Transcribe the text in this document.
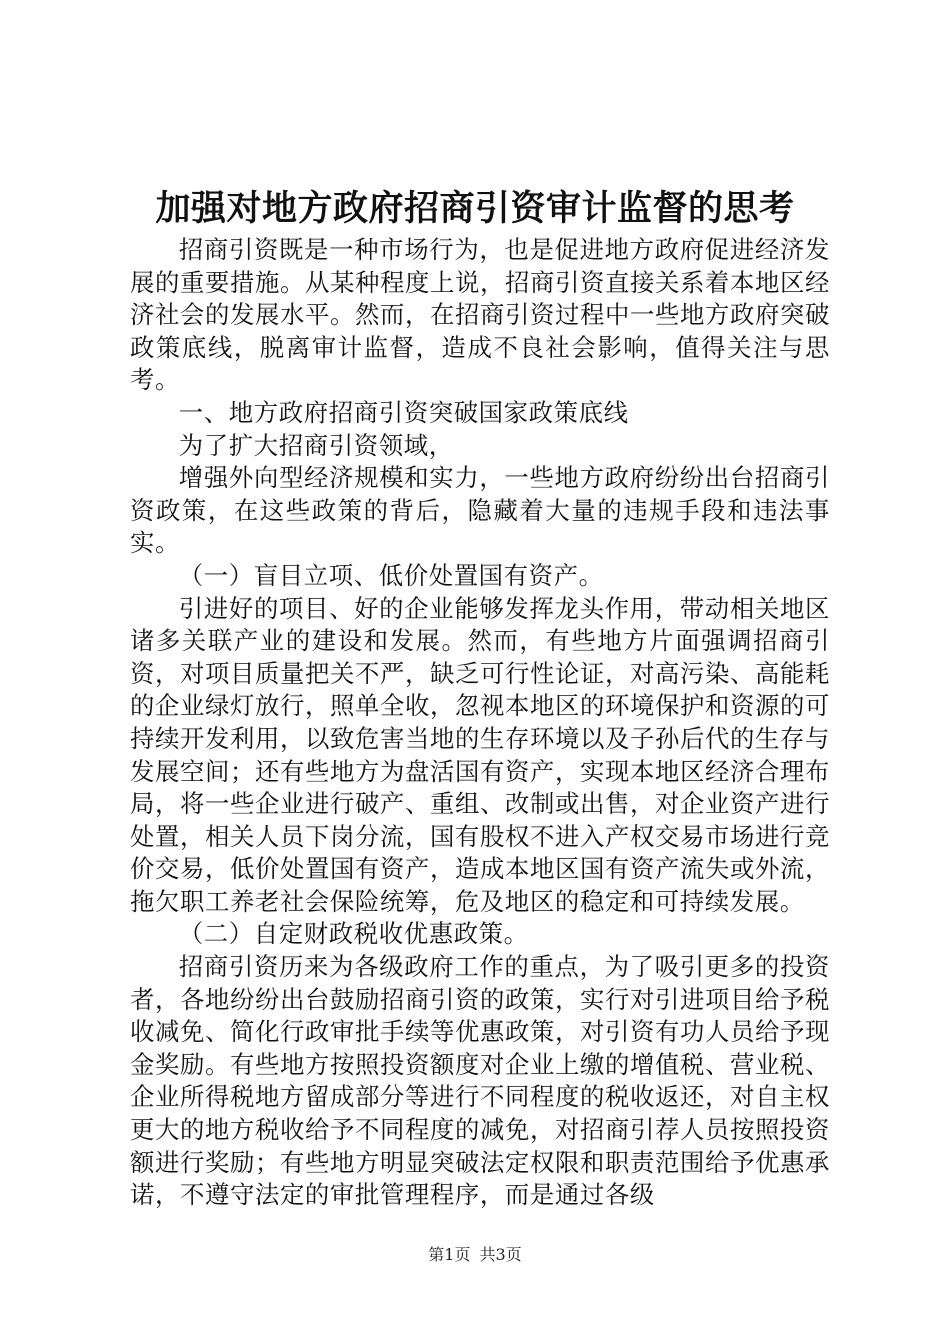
加强对地方政府招商引资审计监督的思考

招商引资既是一种市场行为，也是促进地方政府促进经济发展的重要措施。从某种程度上说，招商引资直接关系着本地区经济社会的发展水平。然而，在招商引资过程中一些地方政府突破政策底线，脱离审计监督，造成不良社会影响，值得关注与思考。

一、地方政府招商引资突破国家政策底线

为了扩大招商引资领域，

增强外向型经济规模和实力，一些地方政府纷纷出台招商引资政策，在这些政策的背后，隐藏着大量的违规手段和违法事实。

（一）盲目立项、低价处置国有资产。

引进好的项目、好的企业能够发挥龙头作用，带动相关地区诸多关联产业的建设和发展。然而，有些地方片面强调招商引资，对项目质量把关不严，缺乏可行性论证，对高污染、高能耗的企业绿灯放行，照单全收，忽视本地区的环境保护和资源的可持续开发利用，以致危害当地的生存环境以及子孙后代的生存与发展空间；还有些地方为盘活国有资产，实现本地区经济合理布局，将一些企业进行破产、重组、改制或出售，对企业资产进行处置，相关人员下岗分流，国有股权不进入产权交易市场进行竞价交易，低价处置国有资产，造成本地区国有资产流失或外流，拖欠职工养老社会保险统筹，危及地区的稳定和可持续发展。

（二）自定财政税收优惠政策。

招商引资历来为各级政府工作的重点，为了吸引更多的投资者，各地纷纷出台鼓励招商引资的政策，实行对引进项目给予税收减免、简化行政审批手续等优惠政策，对引资有功人员给予现金奖励。有些地方按照投资额度对企业上缴的增值税、营业税、企业所得税地方留成部分等进行不同程度的税收返还，对自主权更大的地方税收给予不同程度的减免，对招商引荐人员按照投资额进行奖励；有些地方明显突破法定权限和职责范围给予优惠承诺，不遵守法定的审批管理程序，而是通过各级

第1页 共3页
